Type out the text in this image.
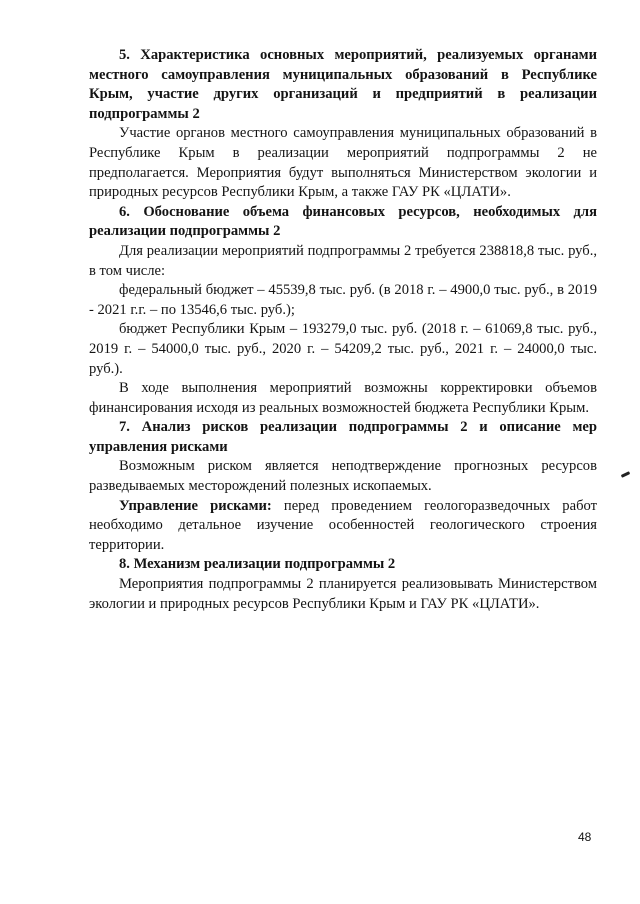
5. Характеристика основных мероприятий, реализуемых органами местного самоуправления муниципальных образований в Республике Крым, участие других организаций и предприятий в реализации подпрограммы 2

Участие органов местного самоуправления муниципальных образований в Республике Крым в реализации мероприятий подпрограммы 2 не предполагается. Мероприятия будут выполняться Министерством экологии и природных ресурсов Республики Крым, а также ГАУ РК «ЦЛАТИ».

6. Обоснование объема финансовых ресурсов, необходимых для реализации подпрограммы 2

Для реализации мероприятий подпрограммы 2 требуется 238818,8 тыс. руб., в том числе:

федеральный бюджет – 45539,8 тыс. руб. (в 2018 г. – 4900,0 тыс. руб., в 2019 - 2021 г.г. – по 13546,6 тыс. руб.);

бюджет Республики Крым – 193279,0 тыс. руб. (2018 г. – 61069,8 тыс. руб., 2019 г. – 54000,0 тыс. руб., 2020 г. – 54209,2 тыс. руб., 2021 г. – 24000,0 тыс. руб.).

В ходе выполнения мероприятий возможны корректировки объемов финансирования исходя из реальных возможностей бюджета Республики Крым.

7. Анализ рисков реализации подпрограммы 2 и описание мер управления рисками

Возможным риском является неподтверждение прогнозных ресурсов разведываемых месторождений полезных ископаемых.

Управление рисками: перед проведением геологоразведочных работ необходимо детальное изучение особенностей геологического строения территории.

8. Механизм реализации подпрограммы 2

Мероприятия подпрограммы 2 планируется реализовывать Министерством экологии и природных ресурсов Республики Крым и ГАУ РК «ЦЛАТИ».

48
